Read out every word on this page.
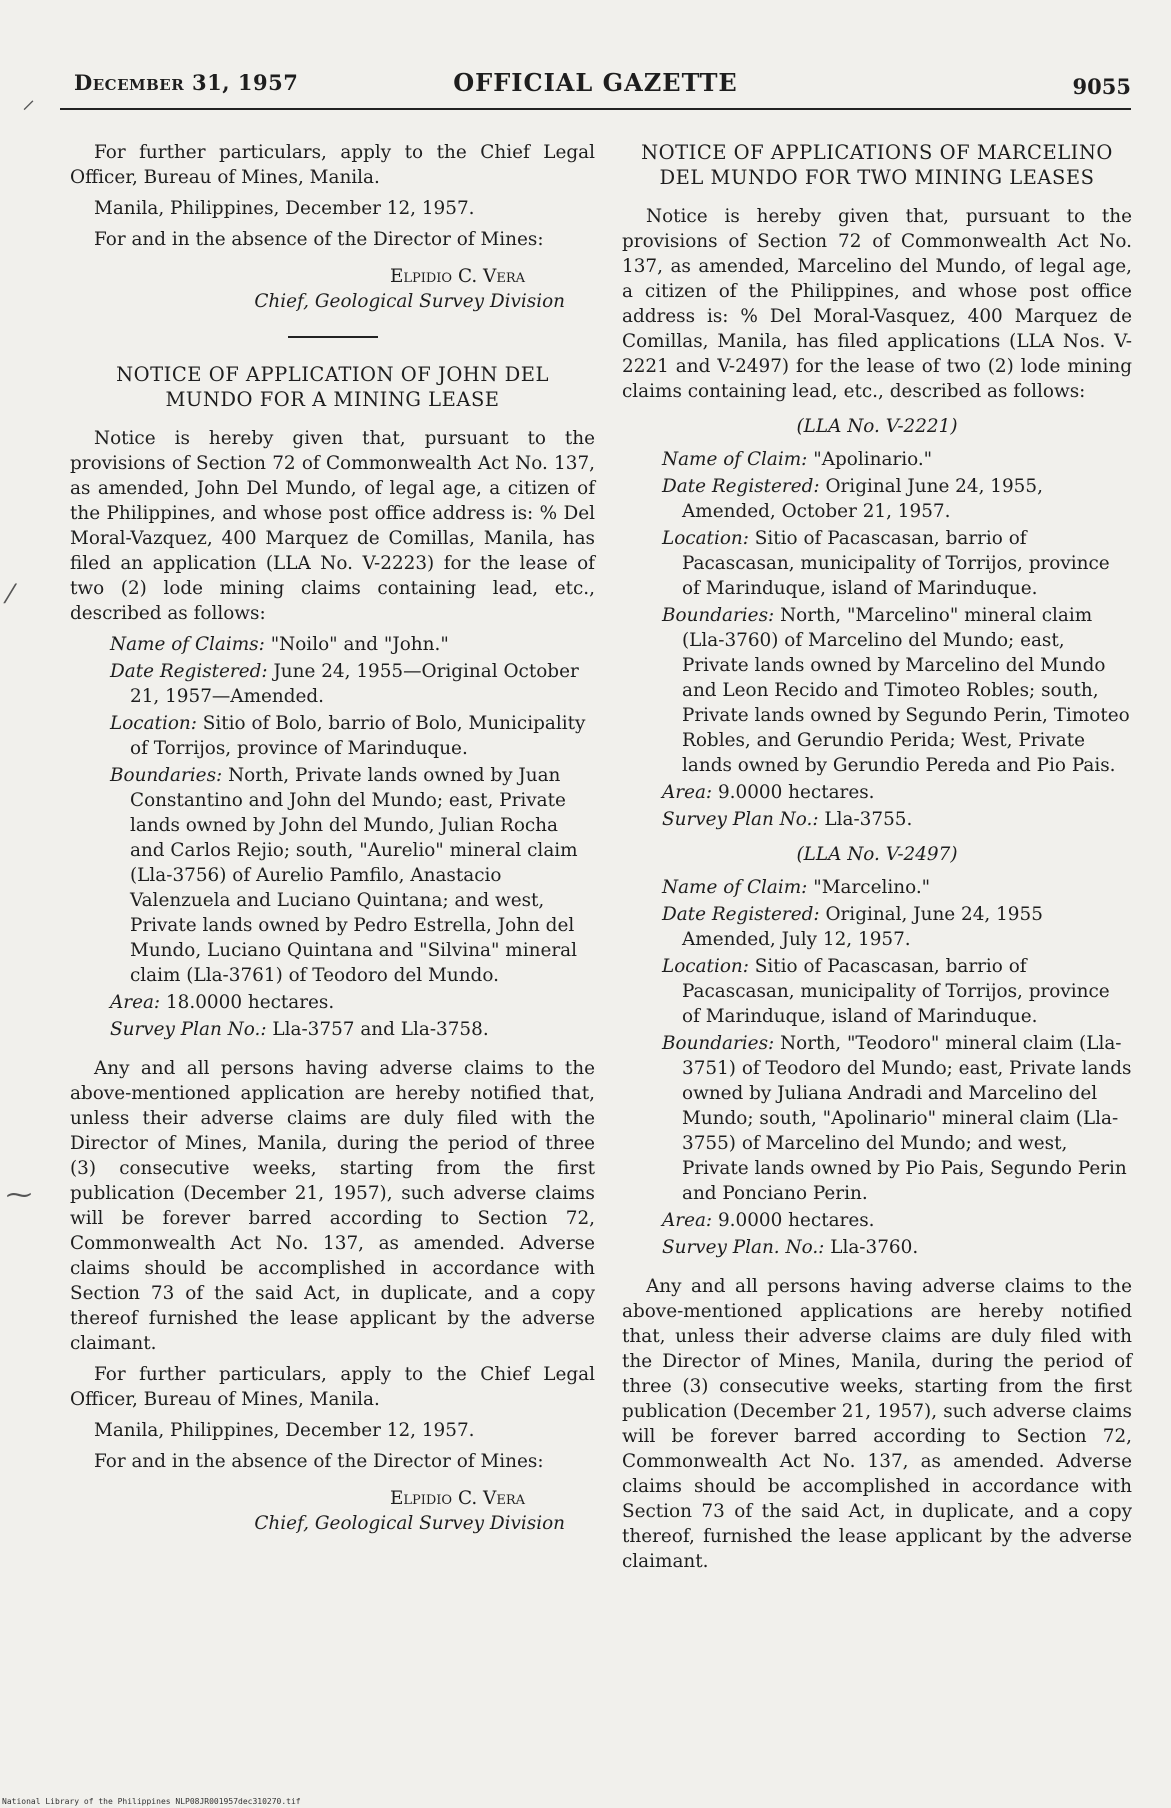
December 31, 1957	OFFICIAL GAZETTE	9055

For further particulars, apply to the Chief Legal Officer, Bureau of Mines, Manila.

Manila, Philippines, December 12, 1957.

For and in the absence of the Director of Mines:

Elpidio C. Vera

Chief, Geological Survey Division

NOTICE OF APPLICATION OF JOHN DEL MUNDO FOR A MINING LEASE

Notice is hereby given that, pursuant to the provisions of Section 72 of Commonwealth Act No. 137, as amended, John Del Mundo, of legal age, a citizen of the Philippines, and whose post office address is: % Del Moral-Vazquez, 400 Marquez de Comillas, Manila, has filed an application (LLA No. V-2223) for the lease of two (2) lode mining claims containing lead, etc., described as follows:

Name of Claims: "Noilo" and "John."

Date Registered: June 24, 1955—Original October 21, 1957—Amended.

Location: Sitio of Bolo, barrio of Bolo, Municipality of Torrijos, province of Marinduque.

Boundaries: North, Private lands owned by Juan Constantino and John del Mundo; east, Private lands owned by John del Mundo, Julian Rocha and Carlos Rejio; south, "Aurelio" mineral claim (Lla-3756) of Aurelio Pamfilo, Anastacio Valenzuela and Luciano Quintana; and west, Private lands owned by Pedro Estrella, John del Mundo, Luciano Quintana and "Silvina" mineral claim (Lla-3761) of Teodoro del Mundo.

Area: 18.0000 hectares.

Survey Plan No.: Lla-3757 and Lla-3758.

Any and all persons having adverse claims to the above-mentioned application are hereby notified that, unless their adverse claims are duly filed with the Director of Mines, Manila, during the period of three (3) consecutive weeks, starting from the first publication (December 21, 1957), such adverse claims will be forever barred according to Section 72, Commonwealth Act No. 137, as amended. Adverse claims should be accomplished in accordance with Section 73 of the said Act, in duplicate, and a copy thereof furnished the lease applicant by the adverse claimant.

For further particulars, apply to the Chief Legal Officer, Bureau of Mines, Manila.

Manila, Philippines, December 12, 1957.

For and in the absence of the Director of Mines:

Elpidio C. Vera

Chief, Geological Survey Division

NOTICE OF APPLICATIONS OF MARCELINO DEL MUNDO FOR TWO MINING LEASES

Notice is hereby given that, pursuant to the provisions of Section 72 of Commonwealth Act No. 137, as amended, Marcelino del Mundo, of legal age, a citizen of the Philippines, and whose post office address is: % Del Moral-Vasquez, 400 Marquez de Comillas, Manila, has filed applications (LLA Nos. V-2221 and V-2497) for the lease of two (2) lode mining claims containing lead, etc., described as follows:

(LLA No. V-2221)

Name of Claim: "Apolinario."

Date Registered: Original June 24, 1955, Amended, October 21, 1957.

Location: Sitio of Pacascasan, barrio of Pacascasan, municipality of Torrijos, province of Marinduque, island of Marinduque.

Boundaries: North, "Marcelino" mineral claim (Lla-3760) of Marcelino del Mundo; east, Private lands owned by Marcelino del Mundo and Leon Recido and Timoteo Robles; south, Private lands owned by Segundo Perin, Timoteo Robles, and Gerundio Perida; West, Private lands owned by Gerundio Pereda and Pio Pais.

Area: 9.0000 hectares.

Survey Plan No.: Lla-3755.

(LLA No. V-2497)

Name of Claim: "Marcelino."

Date Registered: Original, June 24, 1955 Amended, July 12, 1957.

Location: Sitio of Pacascasan, barrio of Pacascasan, municipality of Torrijos, province of Marinduque, island of Marinduque.

Boundaries: North, "Teodoro" mineral claim (Lla-3751) of Teodoro del Mundo; east, Private lands owned by Juliana Andradi and Marcelino del Mundo; south, "Apolinario" mineral claim (Lla-3755) of Marcelino del Mundo; and west, Private lands owned by Pio Pais, Segundo Perin and Ponciano Perin.

Area: 9.0000 hectares.

Survey Plan. No.: Lla-3760.

Any and all persons having adverse claims to the above-mentioned applications are hereby notified that, unless their adverse claims are duly filed with the Director of Mines, Manila, during the period of three (3) consecutive weeks, starting from the first publication (December 21, 1957), such adverse claims will be forever barred according to Section 72, Commonwealth Act No. 137, as amended. Adverse claims should be accomplished in accordance with Section 73 of the said Act, in duplicate, and a copy thereof, furnished the lease applicant by the adverse claimant.

⸝
⁄
⁓
National Library of the Philippines NLP08JR001957dec310270.tif
